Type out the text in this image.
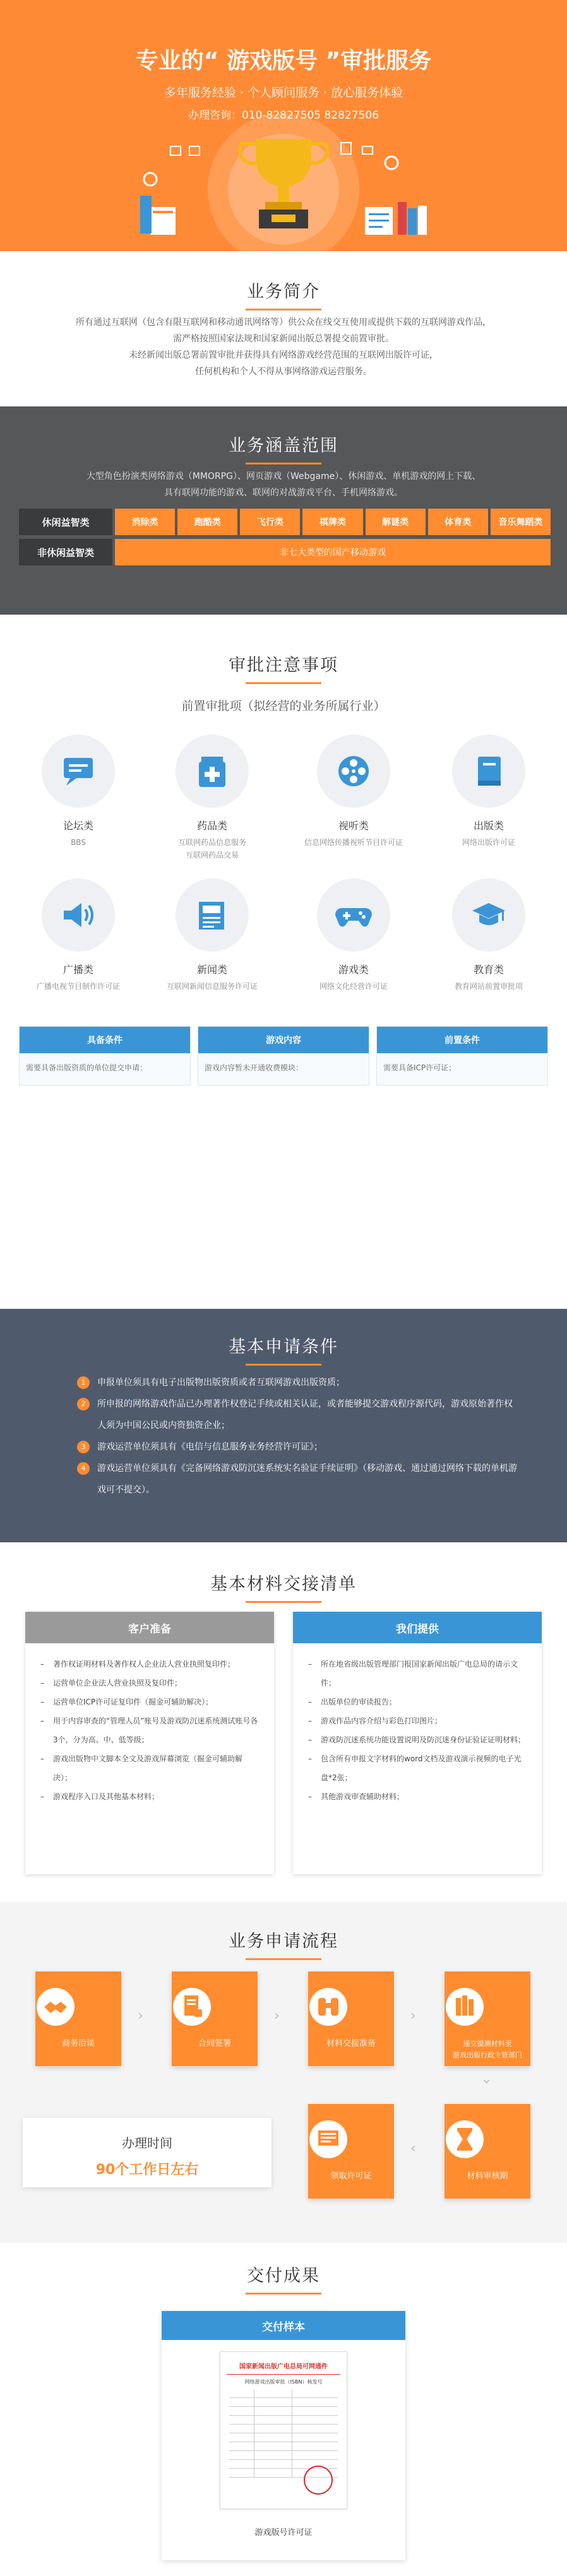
专业的“ 游戏版号 ”审批服务
多年服务经验 · 个人顾问服务 · 放心服务体验
办理咨询：010-82827505 82827506
业务简介
所有通过互联网（包含有限互联网和移动通讯网络等）供公众在线交互使用或提供下载的互联网游戏作品，
需严格按照国家法规和国家新闻出版总署提交前置审批。
未经新闻出版总署前置审批并获得具有网络游戏经营范围的互联网出版许可证，
任何机构和个人不得从事网络游戏运营服务。
业务涵盖范围
大型角色扮演类网络游戏（MMORPG）、网页游戏（Webgame）、休闲游戏、单机游戏的网上下载、
具有联网功能的游戏、联网的对战游戏平台、手机网络游戏。
休闲益智类	消除类	跑酷类	飞行类	棋牌类	解谜类	体育类	音乐舞蹈类
非休闲益智类	非七大类型的国产移动游戏
审批注意事项
前置审批项（拟经营的业务所属行业）
论坛类
BBS
药品类
互联网药品信息服务
互联网药品交易
视听类
信息网络传播视听节目许可证
出版类
网络出版许可证
广播类
广播电视节目制作许可证
新闻类
互联网新闻信息服务许可证
游戏类
网络文化经营许可证
教育类
教育网站前置审批项
具备条件
需要具备出版资质的单位提交申请：
游戏内容
游戏内容暂未开通收费模块：
前置条件
需要具备ICP许可证；
基本申请条件
1	申报单位须具有电子出版物出版资质或者互联网游戏出版资质；
2	所申报的网络游戏作品已办理著作权登记手续或相关认证，或者能够提交游戏程序源代码，游戏原始著作权人须为中国公民或内资独资企业；
3	游戏运营单位须具有《电信与信息服务业务经营许可证》；
4	游戏运营单位须具有《完备网络游戏防沉迷系统实名验证手续证明》（移动游戏、通过通过网络下载的单机游戏可不提交）。
基本材料交接清单
客户准备
–	著作权证明材料及著作权人企业法人营业执照复印件；
–	运营单位企业法人营业执照及复印件；
–	运营单位ICP许可证复印件（掘金可辅助解决）；
–	用于内容审查的“管理人员”账号及游戏防沉迷系统测试账号各3个，分为高、中、低等级；
–	游戏出版物中文脚本全文及游戏屏幕浏览（掘金可辅助解决）；
–	游戏程序入口及其他基本材料；
我们提供
–	所在地省级出版管理部门报国家新闻出版广电总局的请示文件；
–	出版单位的审读报告；
–	游戏作品内容介绍与彩色打印图片；
–	游戏防沉迷系统功能设置说明及防沉迷身份证验证证明材料；
–	包含所有申报文字材料的word文档及游戏演示视频的电子光盘*2张；
–	其他游戏审查辅助材料；
业务申请流程
商务洽谈
›
合同签署
›
材料交接准备
›
递交提测材料至
游戏出版行政主管部门
›
材料审核期
‹
领取许可证
办理时间
90个工作日左右
交付成果
交付样本
国家新闻出版广电总局可网通件
网络游戏出版审批（ISBN）核发号
游戏版号许可证
